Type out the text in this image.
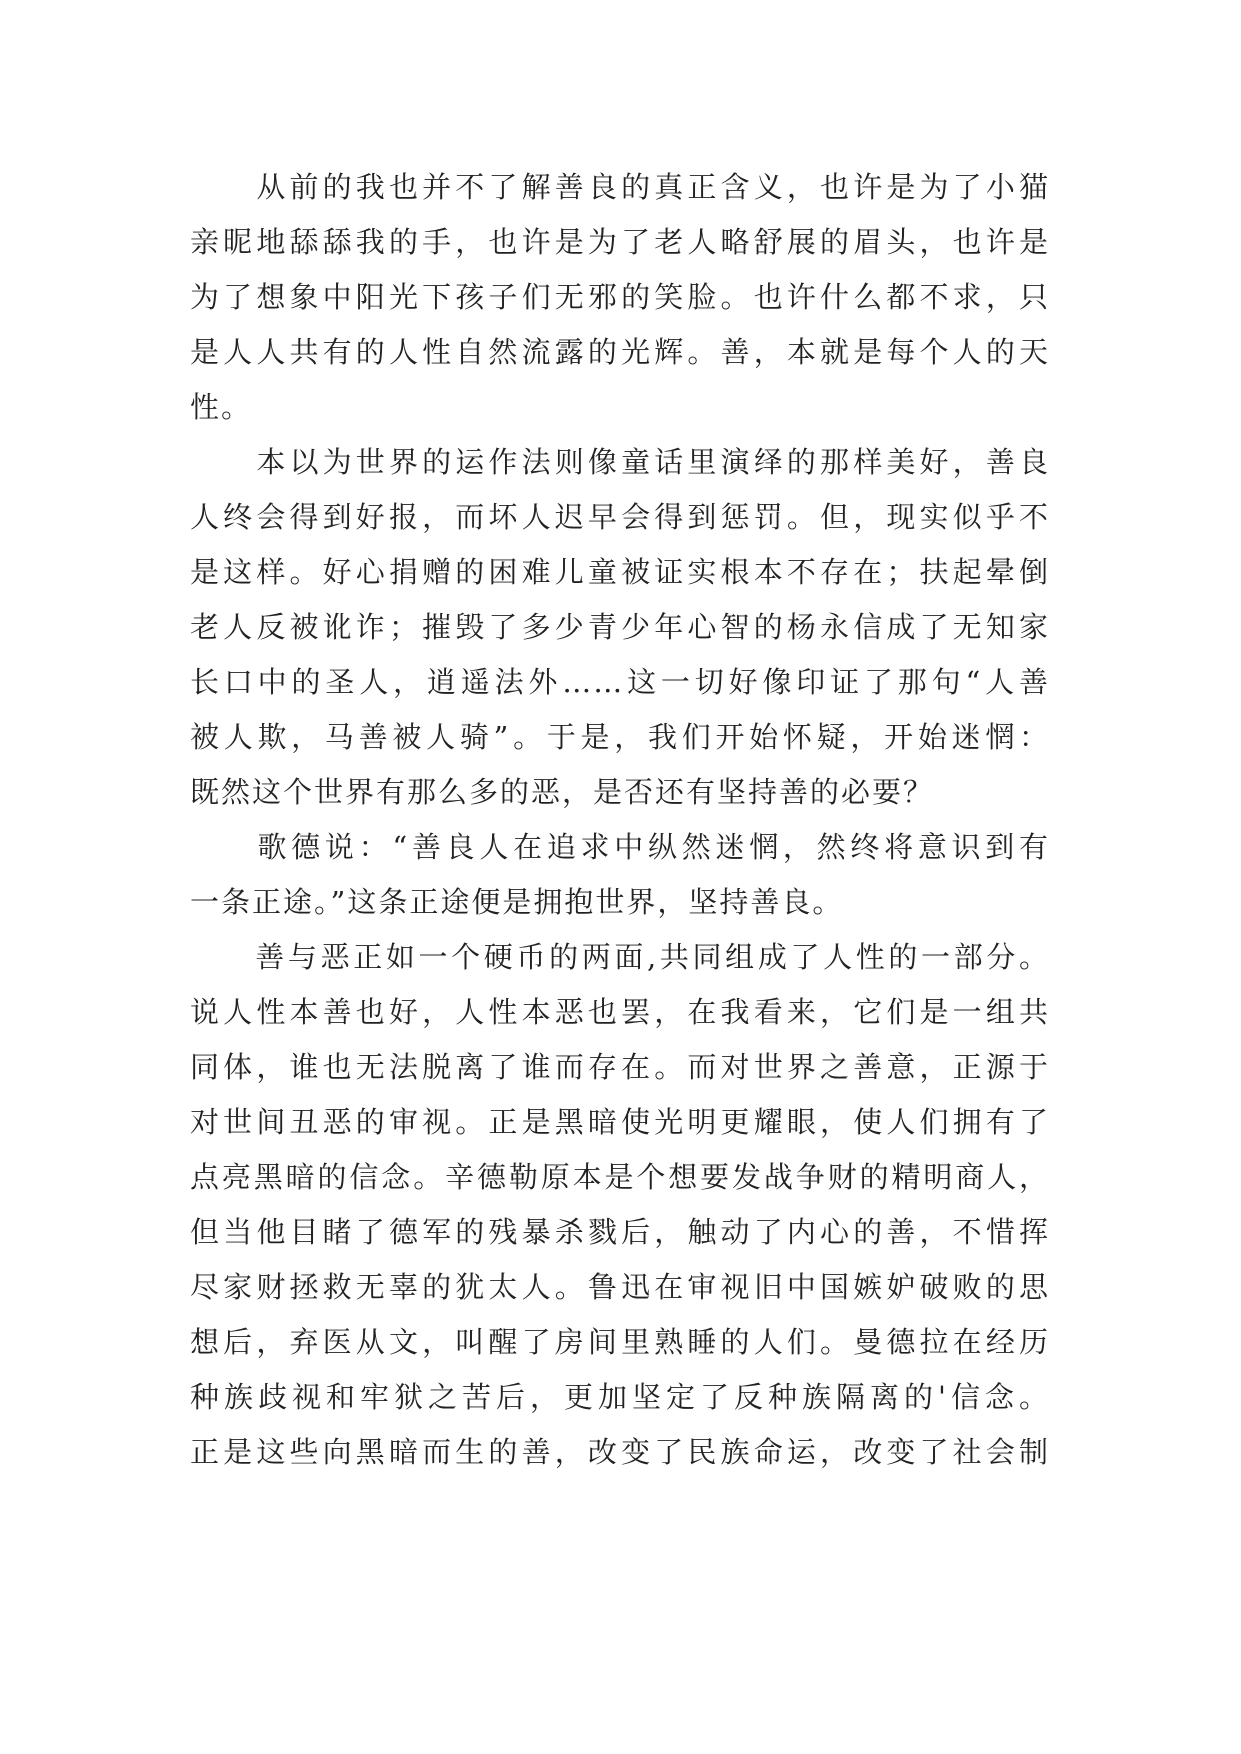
　　从前的我也并不了解善良的真正含义，也许是为了小猫
亲昵地舔舔我的手，也许是为了老人略舒展的眉头，也许是
为了想象中阳光下孩子们无邪的笑脸。也许什么都不求，只
是人人共有的人性自然流露的光辉。善，本就是每个人的天
性。
　　本以为世界的运作法则像童话里演绎的那样美好，善良
人终会得到好报，而坏人迟早会得到惩罚。但，现实似乎不
是这样。好心捐赠的困难儿童被证实根本不存在；扶起晕倒
老人反被讹诈；摧毁了多少青少年心智的杨永信成了无知家
长口中的圣人，逍遥法外……这一切好像印证了那句“人善
被人欺，马善被人骑”。于是，我们开始怀疑，开始迷惘：
既然这个世界有那么多的恶，是否还有坚持善的必要？
　　歌德说：“善良人在追求中纵然迷惘，然终将意识到有
一条正途。”这条正途便是拥抱世界，坚持善良。
　　善与恶正如一个硬币的两面,共同组成了人性的一部分。
说人性本善也好，人性本恶也罢，在我看来，它们是一组共
同体，谁也无法脱离了谁而存在。而对世界之善意，正源于
对世间丑恶的审视。正是黑暗使光明更耀眼，使人们拥有了
点亮黑暗的信念。辛德勒原本是个想要发战争财的精明商人，
但当他目睹了德军的残暴杀戮后，触动了内心的善，不惜挥
尽家财拯救无辜的犹太人。鲁迅在审视旧中国嫉妒破败的思
想后，弃医从文，叫醒了房间里熟睡的人们。曼德拉在经历
种族歧视和牢狱之苦后，更加坚定了反种族隔离的'信念。
正是这些向黑暗而生的善，改变了民族命运，改变了社会制
